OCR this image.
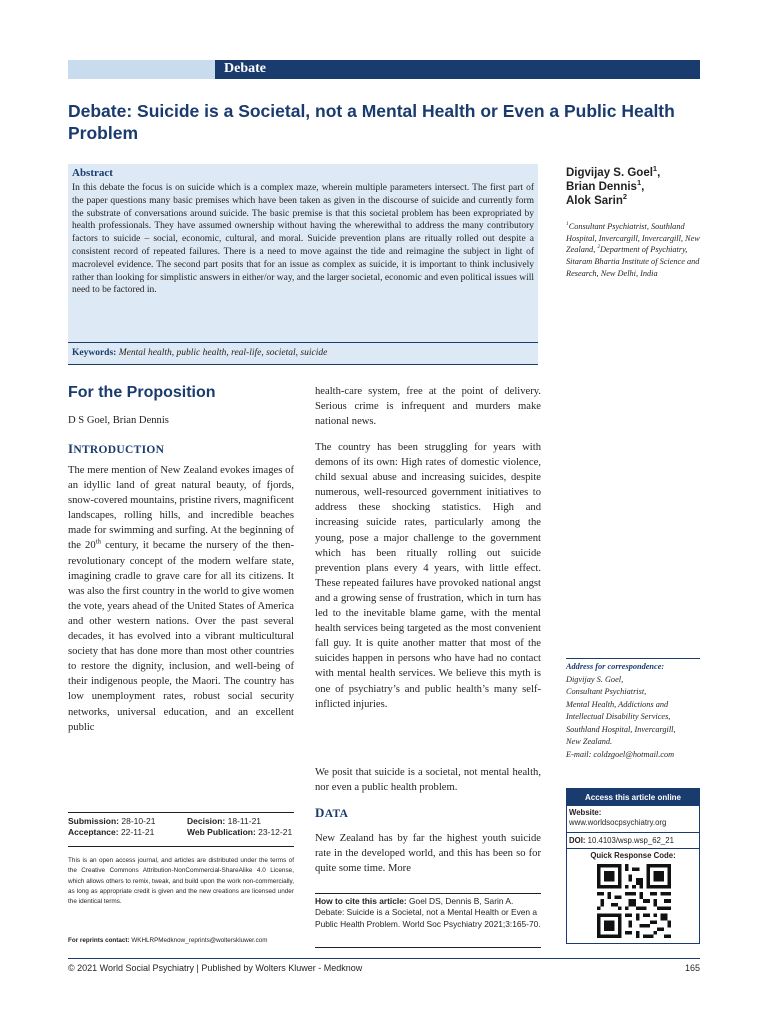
Debate
Debate: Suicide is a Societal, not a Mental Health or Even a Public Health Problem
Abstract

In this debate the focus is on suicide which is a complex maze, wherein multiple parameters intersect. The first part of the paper questions many basic premises which have been taken as given in the discourse of suicide and currently form the substrate of conversations around suicide. The basic premise is that this societal problem has been expropriated by health professionals. They have assumed ownership without having the wherewithal to address the many contributory factors to suicide – social, economic, cultural, and moral. Suicide prevention plans are ritually rolled out despite a consistent record of repeated failures. There is a need to move against the tide and reimagine the subject in light of macrolevel evidence. The second part posits that for an issue as complex as suicide, it is important to think inclusively rather than looking for simplistic answers in either/or way, and the larger societal, economic and even political issues will need to be factored in.

Keywords: Mental health, public health, real-life, societal, suicide
Digvijay S. Goel$^1$,
Brian Dennis$^1$,
Alok Sarin$^2$
$^1$Consultant Psychiatrist, Southland Hospital, Invercargill, Invercargill, New Zealand, $^2$Department of Psychiatry, Sitaram Bhartia Institute of Science and Research, New Delhi, India
For the Proposition
D S Goel, Brian Dennis
INTRODUCTION

The mere mention of New Zealand evokes images of an idyllic land of great natural beauty, of fjords, snow-covered mountains, pristine rivers, magnificent landscapes, rolling hills, and incredible beaches made for swimming and surfing. At the beginning of the 20th century, it became the nursery of the then-revolutionary concept of the modern welfare state, imagining cradle to grave care for all its citizens. It was also the first country in the world to give women the vote, years ahead of the United States of America and other western nations. Over the past several decades, it has evolved into a vibrant multicultural society that has done more than most other countries to restore the dignity, inclusion, and well-being of their indigenous people, the Maori. The country has low unemployment rates, robust social security networks, universal education, and an excellent public

Submission: 28-10-21	Decision: 18-11-21
Acceptance: 22-11-21	Web Publication: 23-12-21

This is an open access journal, and articles are distributed under the terms of the Creative Commons Attribution-NonCommercial-ShareAlike 4.0 License, which allows others to remix, tweak, and build upon the work non-commercially, as long as appropriate credit is given and the new creations are licensed under the identical terms.

For reprints contact: WKHLRPMedknow_reprints@wolterskluwer.com

health-care system, free at the point of delivery. Serious crime is infrequent and murders make national news.

The country has been struggling for years with demons of its own: High rates of domestic violence, child sexual abuse and increasing suicides, despite numerous, well-resourced government initiatives to address these shocking statistics. High and increasing suicide rates, particularly among the young, pose a major challenge to the government which has been ritually rolling out suicide prevention plans every 4 years, with little effect. These repeated failures have provoked national angst and a growing sense of frustration, which in turn has led to the inevitable blame game, with the mental health services being targeted as the most convenient fall guy. It is quite another matter that most of the suicides happen in persons who have had no contact with mental health services. We believe this myth is one of psychiatry’s and public health’s many self-inflicted injuries.

We posit that suicide is a societal, not mental health, nor even a public health problem.

DATA

New Zealand has by far the highest youth suicide rate in the developed world, and this has been so for quite some time. More

How to cite this article: Goel DS, Dennis B, Sarin A. Debate: Suicide is a Societal, not a Mental Health or Even a Public Health Problem. World Soc Psychiatry 2021;3:165-70.
Address for correspondence:
Digvijay S. Goel,
Consultant Psychiatrist,
Mental Health, Addictions and
Intellectual Disability Services,
Southland Hospital, Invercargill,
New Zealand.
E-mail: coldzgoel@hotmail.com
Access this article online
Website:
www.worldsocpsychiatry.org
DOI: 10.4103/wsp.wsp_62_21
Quick Response Code:
© 2021 World Social Psychiatry | Published by Wolters Kluwer - Medknow	165
